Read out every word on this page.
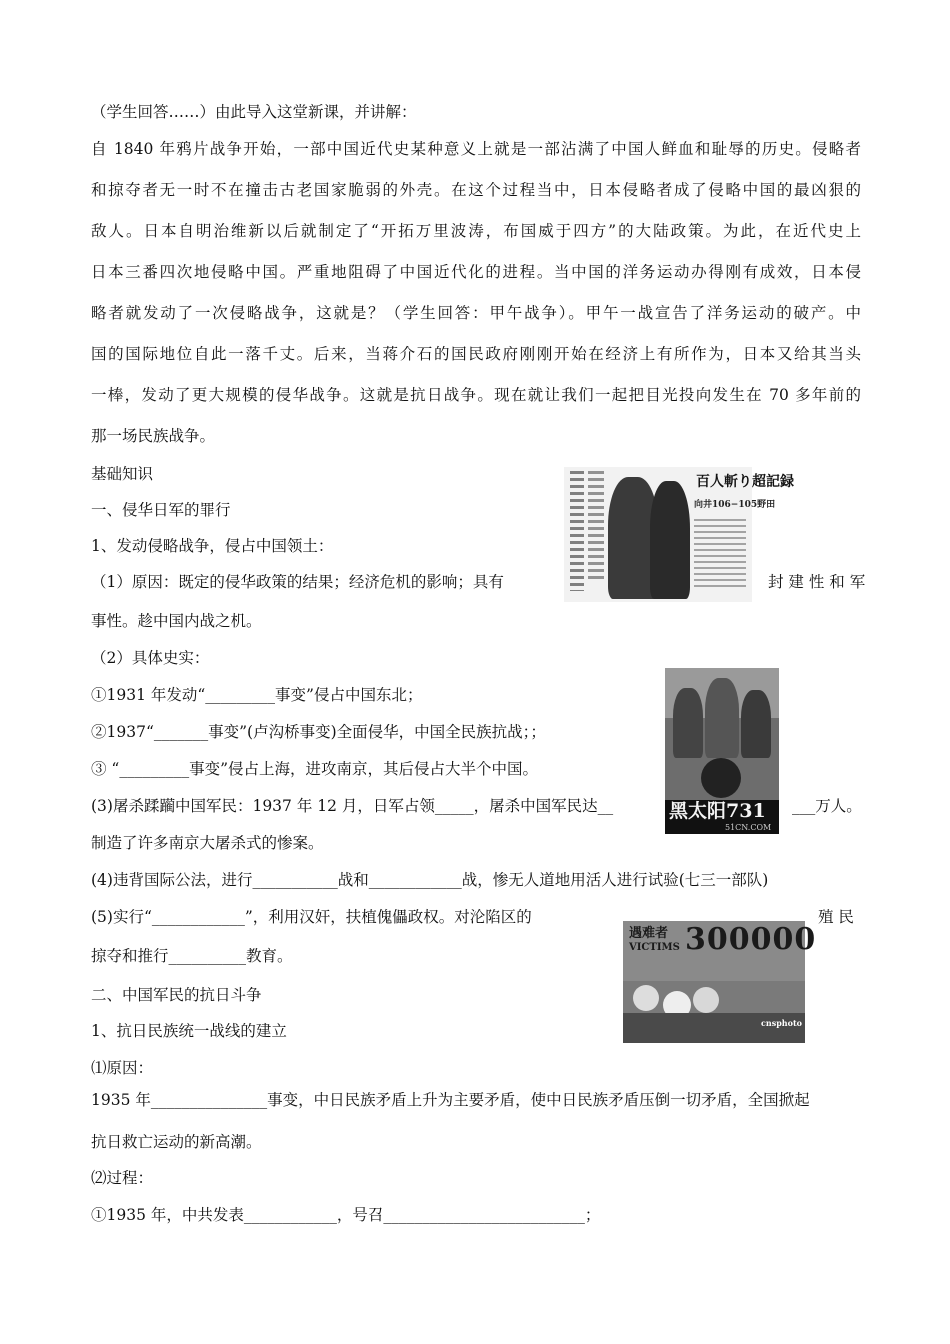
（学生回答……）由此导入这堂新课，并讲解：
自 1840 年鸦片战争开始，一部中国近代史某种意义上就是一部沾满了中国人鲜血和耻辱的历史。侵略者
和掠夺者无一时不在撞击古老国家脆弱的外壳。在这个过程当中，日本侵略者成了侵略中国的最凶狠的
敌人。日本自明治维新以后就制定了“开拓万里波涛，布国威于四方”的大陆政策。为此，在近代史上
日本三番四次地侵略中国。严重地阻碍了中国近代化的进程。当中国的洋务运动办得刚有成效，日本侵
略者就发动了一次侵略战争，这就是？（学生回答：甲午战争）。甲午一战宣告了洋务运动的破产。中
国的国际地位自此一落千丈。后来，当蒋介石的国民政府刚刚开始在经济上有所作为，日本又给其当头
一棒，发动了更大规模的侵华战争。这就是抗日战争。现在就让我们一起把目光投向发生在 70 多年前的
那一场民族战争。
基础知识
一、侵华日军的罪行
1、发动侵略战争，侵占中国领土：
（1）原因：既定的侵华政策的结果；经济危机的影响；具有	封 建 性 和 军
事性。趁中国内战之机。
（2）具体史实：
①1931 年发动“_________事变”侵占中国东北；
②1937“_______事变”(卢沟桥事变)全面侵华，中国全民族抗战；；
③ “_________事变”侵占上海，进攻南京，其后侵占大半个中国。
(3)屠杀蹂躏中国军民：1937 年 12 月，日军占领_____，屠杀中国军民达__	___万人。
制造了许多南京大屠杀式的惨案。
(4)违背国际公法，进行___________战和____________战，惨无人道地用活人进行试验(七三一部队)
(5)实行“____________”，利用汉奸，扶植傀儡政权。对沦陷区的	殖 民
掠夺和推行__________教育。
二、中国军民的抗日斗争
1、抗日民族统一战线的建立
⑴原因：
1935 年_______________事变，中日民族矛盾上升为主要矛盾，使中日民族矛盾压倒一切矛盾，全国掀起
抗日救亡运动的新高潮。
⑵过程：
①1935 年，中共发表____________，号召__________________________；
百人斬り超記録
向井106−105野田
黑太阳731
51CN.COM
遇难者
VICTIMS 300000
cnsphoto
